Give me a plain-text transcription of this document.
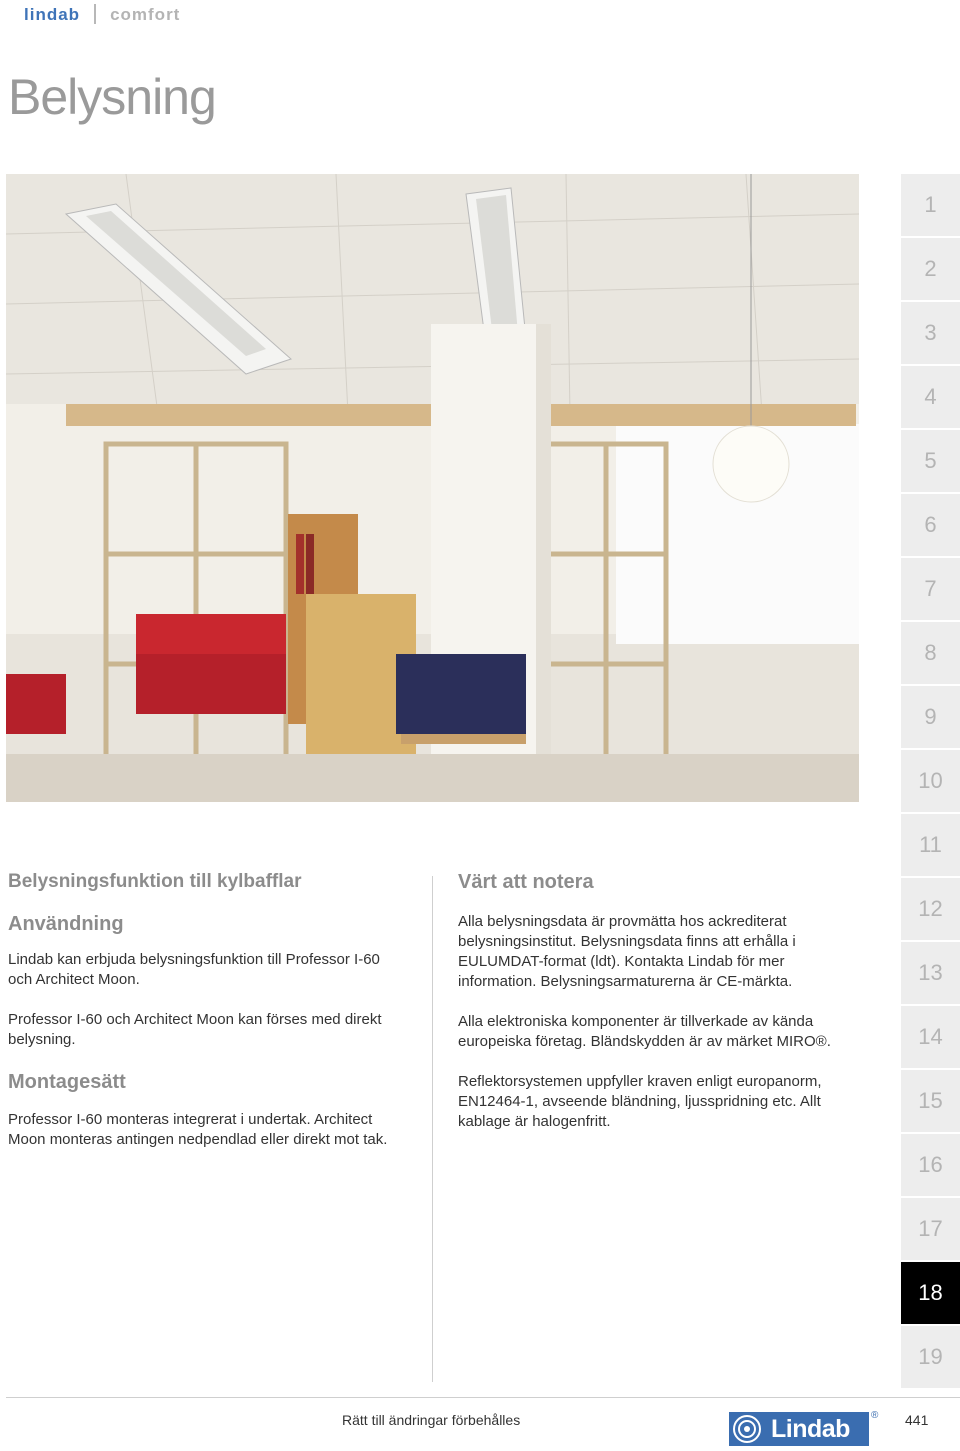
lindab comfort
Belysning
1
2
3
4
5
6
7
8
9
10
11
12
13
14
15
16
17
18
19
Belysningsfunktion till kylbafflar
Användning

Lindab kan erbjuda belysningsfunktion till Professor I-60 och Architect Moon.

Professor I-60 och Architect Moon kan förses med direkt belysning.

Montagesätt

Professor I-60 monteras integrerat i undertak. Architect Moon monteras antingen nedpendlad eller direkt mot tak.

Värt att notera

Alla belysningsdata är provmätta hos ackrediterat belysningsinstitut. Belysningsdata finns att erhålla i EULUMDAT-format (ldt). Kontakta Lindab för mer information. Belysningsarmaturerna är CE-märkta.

Alla elektroniska komponenter är tillverkade av kända europeiska företag. Bländskydden är av märket MIRO®.

Reflektorsystemen uppfyller kraven enligt europanorm, EN12464-1, avseende bländning, ljusspridning etc. Allt kablage är halogenfritt.

Rätt till ändringar förbehålles	Lindab	® 441
